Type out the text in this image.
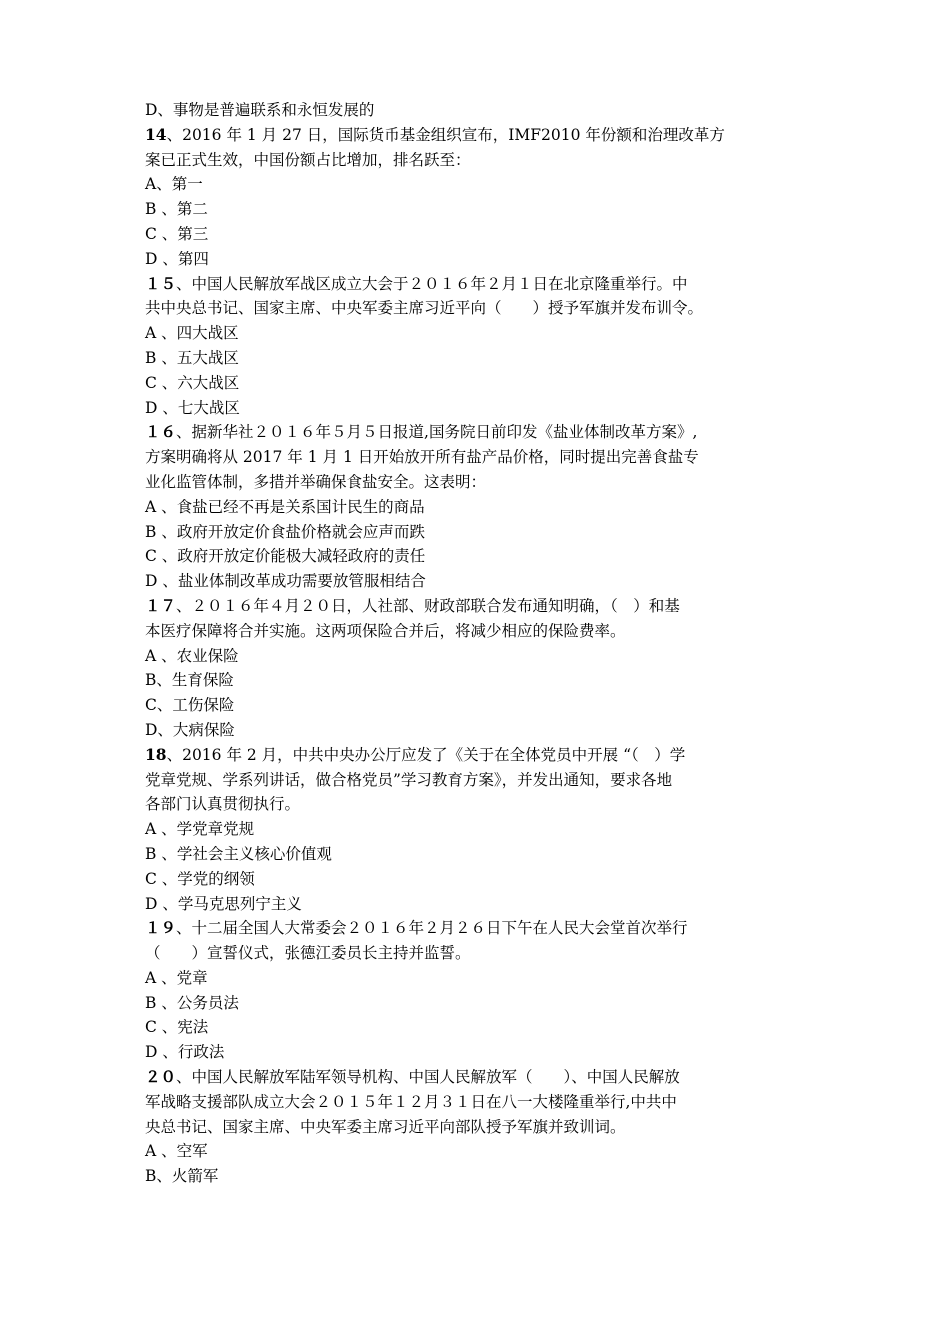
D、事物是普遍联系和永恒发展的
14、2016 年 1 月 27 日，国际货币基金组织宣布，IMF2010 年份额和治理改革方
案已正式生效，中国份额占比增加，排名跃至：
A、第一
B 、第二
C 、第三
D 、第四
１５、中国人民解放军战区成立大会于２０１６年２月１日在北京隆重举行。中
共中央总书记、国家主席、中央军委主席习近平向（　　）授予军旗并发布训令。
A 、四大战区
B 、五大战区
C 、六大战区
D 、七大战区
１６、据新华社２０１６年５月５日报道,国务院日前印发《盐业体制改革方案》,
方案明确将从 2017 年 1 月 1 日开始放开所有盐产品价格，同时提出完善食盐专
业化监管体制，多措并举确保食盐安全。这表明：
A 、食盐已经不再是关系国计民生的商品
B 、政府开放定价食盐价格就会应声而跌
C 、政府开放定价能极大减轻政府的责任
D 、盐业体制改革成功需要放管服相结合
１７、２０１６年４月２０日，人社部、财政部联合发布通知明确，（　）和基
本医疗保障将合并实施。这两项保险合并后，将减少相应的保险费率。
A 、农业保险
B、生育保险
C、工伤保险
D、大病保险
18、2016 年 2 月，中共中央办公厅应发了《关于在全体党员中开展 “（　）学
党章党规、学系列讲话，做合格党员”学习教育方案》，并发出通知，要求各地
各部门认真贯彻执行。
A 、学党章党规
B 、学社会主义核心价值观
C 、学党的纲领
D 、学马克思列宁主义
１９、十二届全国人大常委会２０１６年２月２６日下午在人民大会堂首次举行
（　　）宣誓仪式，张德江委员长主持并监誓。
A 、党章
B 、公务员法
C 、宪法
D 、行政法
２０、中国人民解放军陆军领导机构、中国人民解放军（　　）、中国人民解放
军战略支援部队成立大会２０１５年１２月３１日在八一大楼隆重举行,中共中
央总书记、国家主席、中央军委主席习近平向部队授予军旗并致训词。
A 、空军
B、火箭军
